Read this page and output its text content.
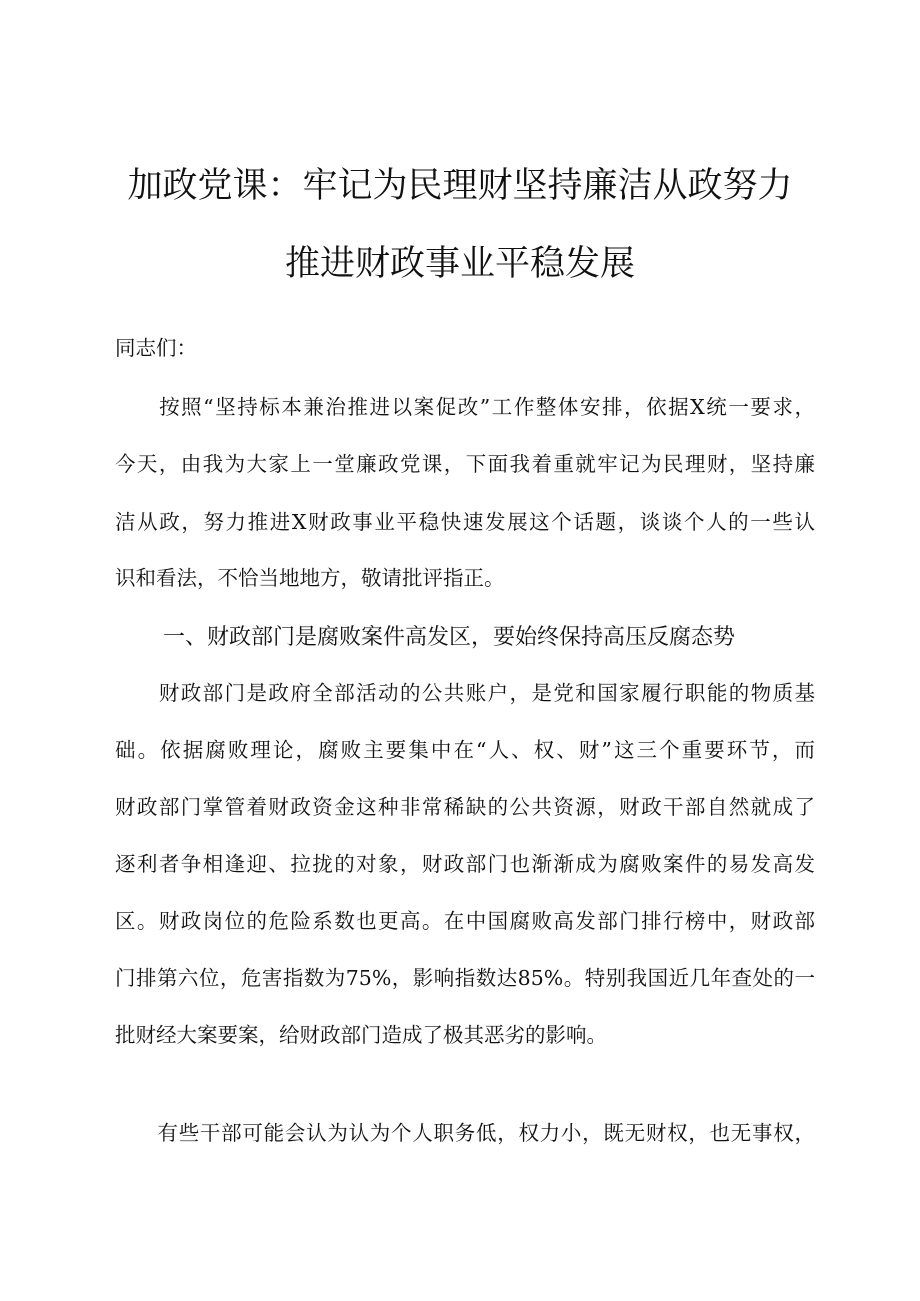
加政党课：牢记为民理财坚持廉洁从政努力
推进财政事业平稳发展
同志们：
　　按照“坚持标本兼治推进以案促改”工作整体安排，依据X统一要求，
今天，由我为大家上一堂廉政党课，下面我着重就牢记为民理财，坚持廉
洁从政，努力推进X财政事业平稳快速发展这个话题，谈谈个人的一些认
识和看法，不恰当地地方，敬请批评指正。
一、财政部门是腐败案件高发区，要始终保持高压反腐态势
　　财政部门是政府全部活动的公共账户，是党和国家履行职能的物质基
础。依据腐败理论，腐败主要集中在“人、权、财”这三个重要环节，而
财政部门掌管着财政资金这种非常稀缺的公共资源，财政干部自然就成了
逐利者争相逢迎、拉拢的对象，财政部门也渐渐成为腐败案件的易发高发
区。财政岗位的危险系数也更高。在中国腐败高发部门排行榜中，财政部
门排第六位，危害指数为75%，影响指数达85%。特别我国近几年查处的一
批财经大案要案，给财政部门造成了极其恶劣的影响。
　　有些干部可能会认为认为个人职务低，权力小，既无财权，也无事权，
